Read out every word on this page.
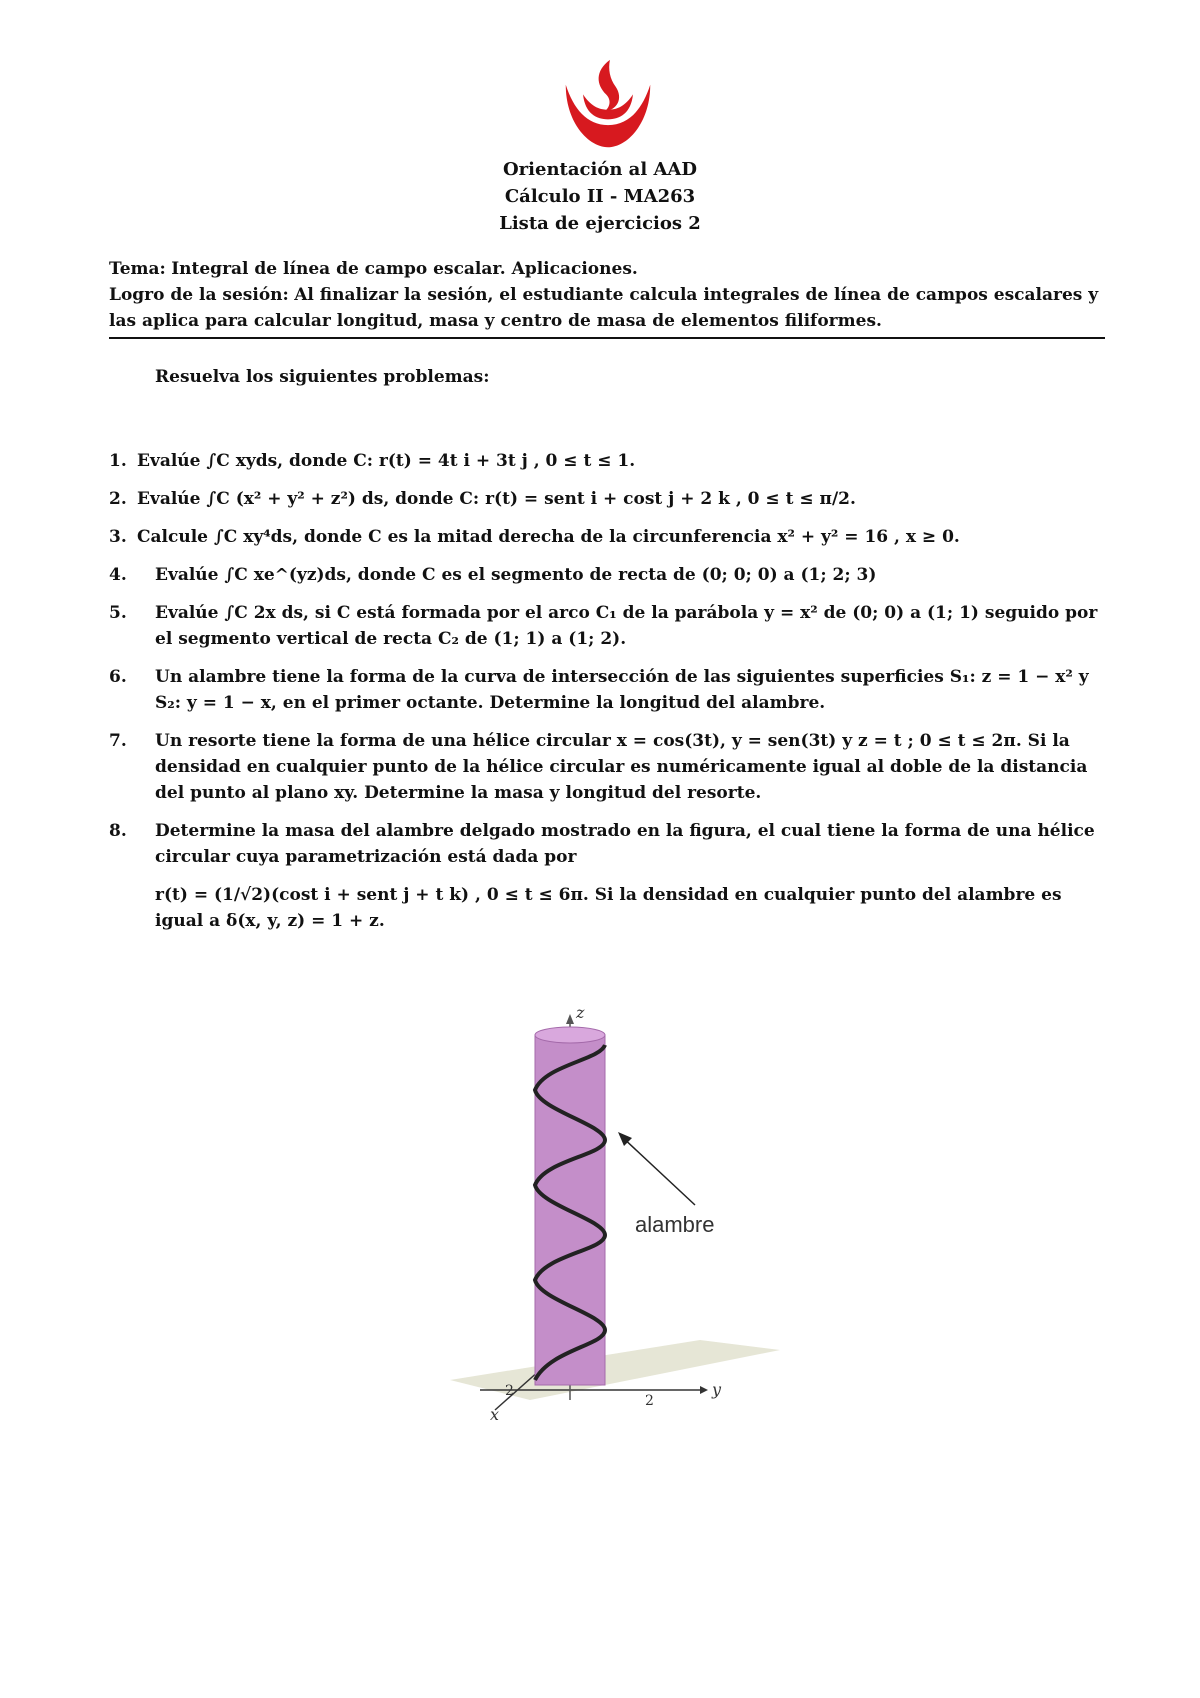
Orientación al AAD
Cálculo II - MA263
Lista de ejercicios 2
Tema: Integral de línea de campo escalar. Aplicaciones.
Logro de la sesión: Al finalizar la sesión, el estudiante calcula integrales de línea de campos escalares y las aplica para calcular longitud, masa y centro de masa de elementos filiformes.
Resuelva los siguientes problemas:
1. Evalúe ∫C xyds, donde C: r(t) = 4t i + 3t j , 0 ≤ t ≤ 1.
2. Evalúe ∫C (x² + y² + z²) ds, donde C: r(t) = sent i + cost j + 2 k , 0 ≤ t ≤ π/2.
3. Calcule ∫C xy⁴ds, donde C es la mitad derecha de la circunferencia x² + y² = 16 , x ≥ 0.
4. Evalúe ∫C xe^(yz)ds, donde C es el segmento de recta de (0; 0; 0) a (1; 2; 3)
5. Evalúe ∫C 2x ds, si C está formada por el arco C₁ de la parábola y = x² de (0; 0) a (1; 1) seguido por el segmento vertical de recta C₂ de (1; 1) a (1; 2).
6. Un alambre tiene la forma de la curva de intersección de las siguientes superficies S₁: z = 1 − x² y S₂: y = 1 − x, en el primer octante. Determine la longitud del alambre.
7. Un resorte tiene la forma de una hélice circular x = cos(3t), y = sen(3t) y z = t ; 0 ≤ t ≤ 2π. Si la densidad en cualquier punto de la hélice circular es numéricamente igual al doble de la distancia del punto al plano xy. Determine la masa y longitud del resorte.
8. Determine la masa del alambre delgado mostrado en la figura, el cual tiene la forma de una hélice circular cuya parametrización está dada por
r(t) = (1/√2)(cost i + sent j + t k) , 0 ≤ t ≤ 6π. Si la densidad en cualquier punto del alambre es igual a δ(x, y, z) = 1 + z.
alambre
z
y
x
2
2
